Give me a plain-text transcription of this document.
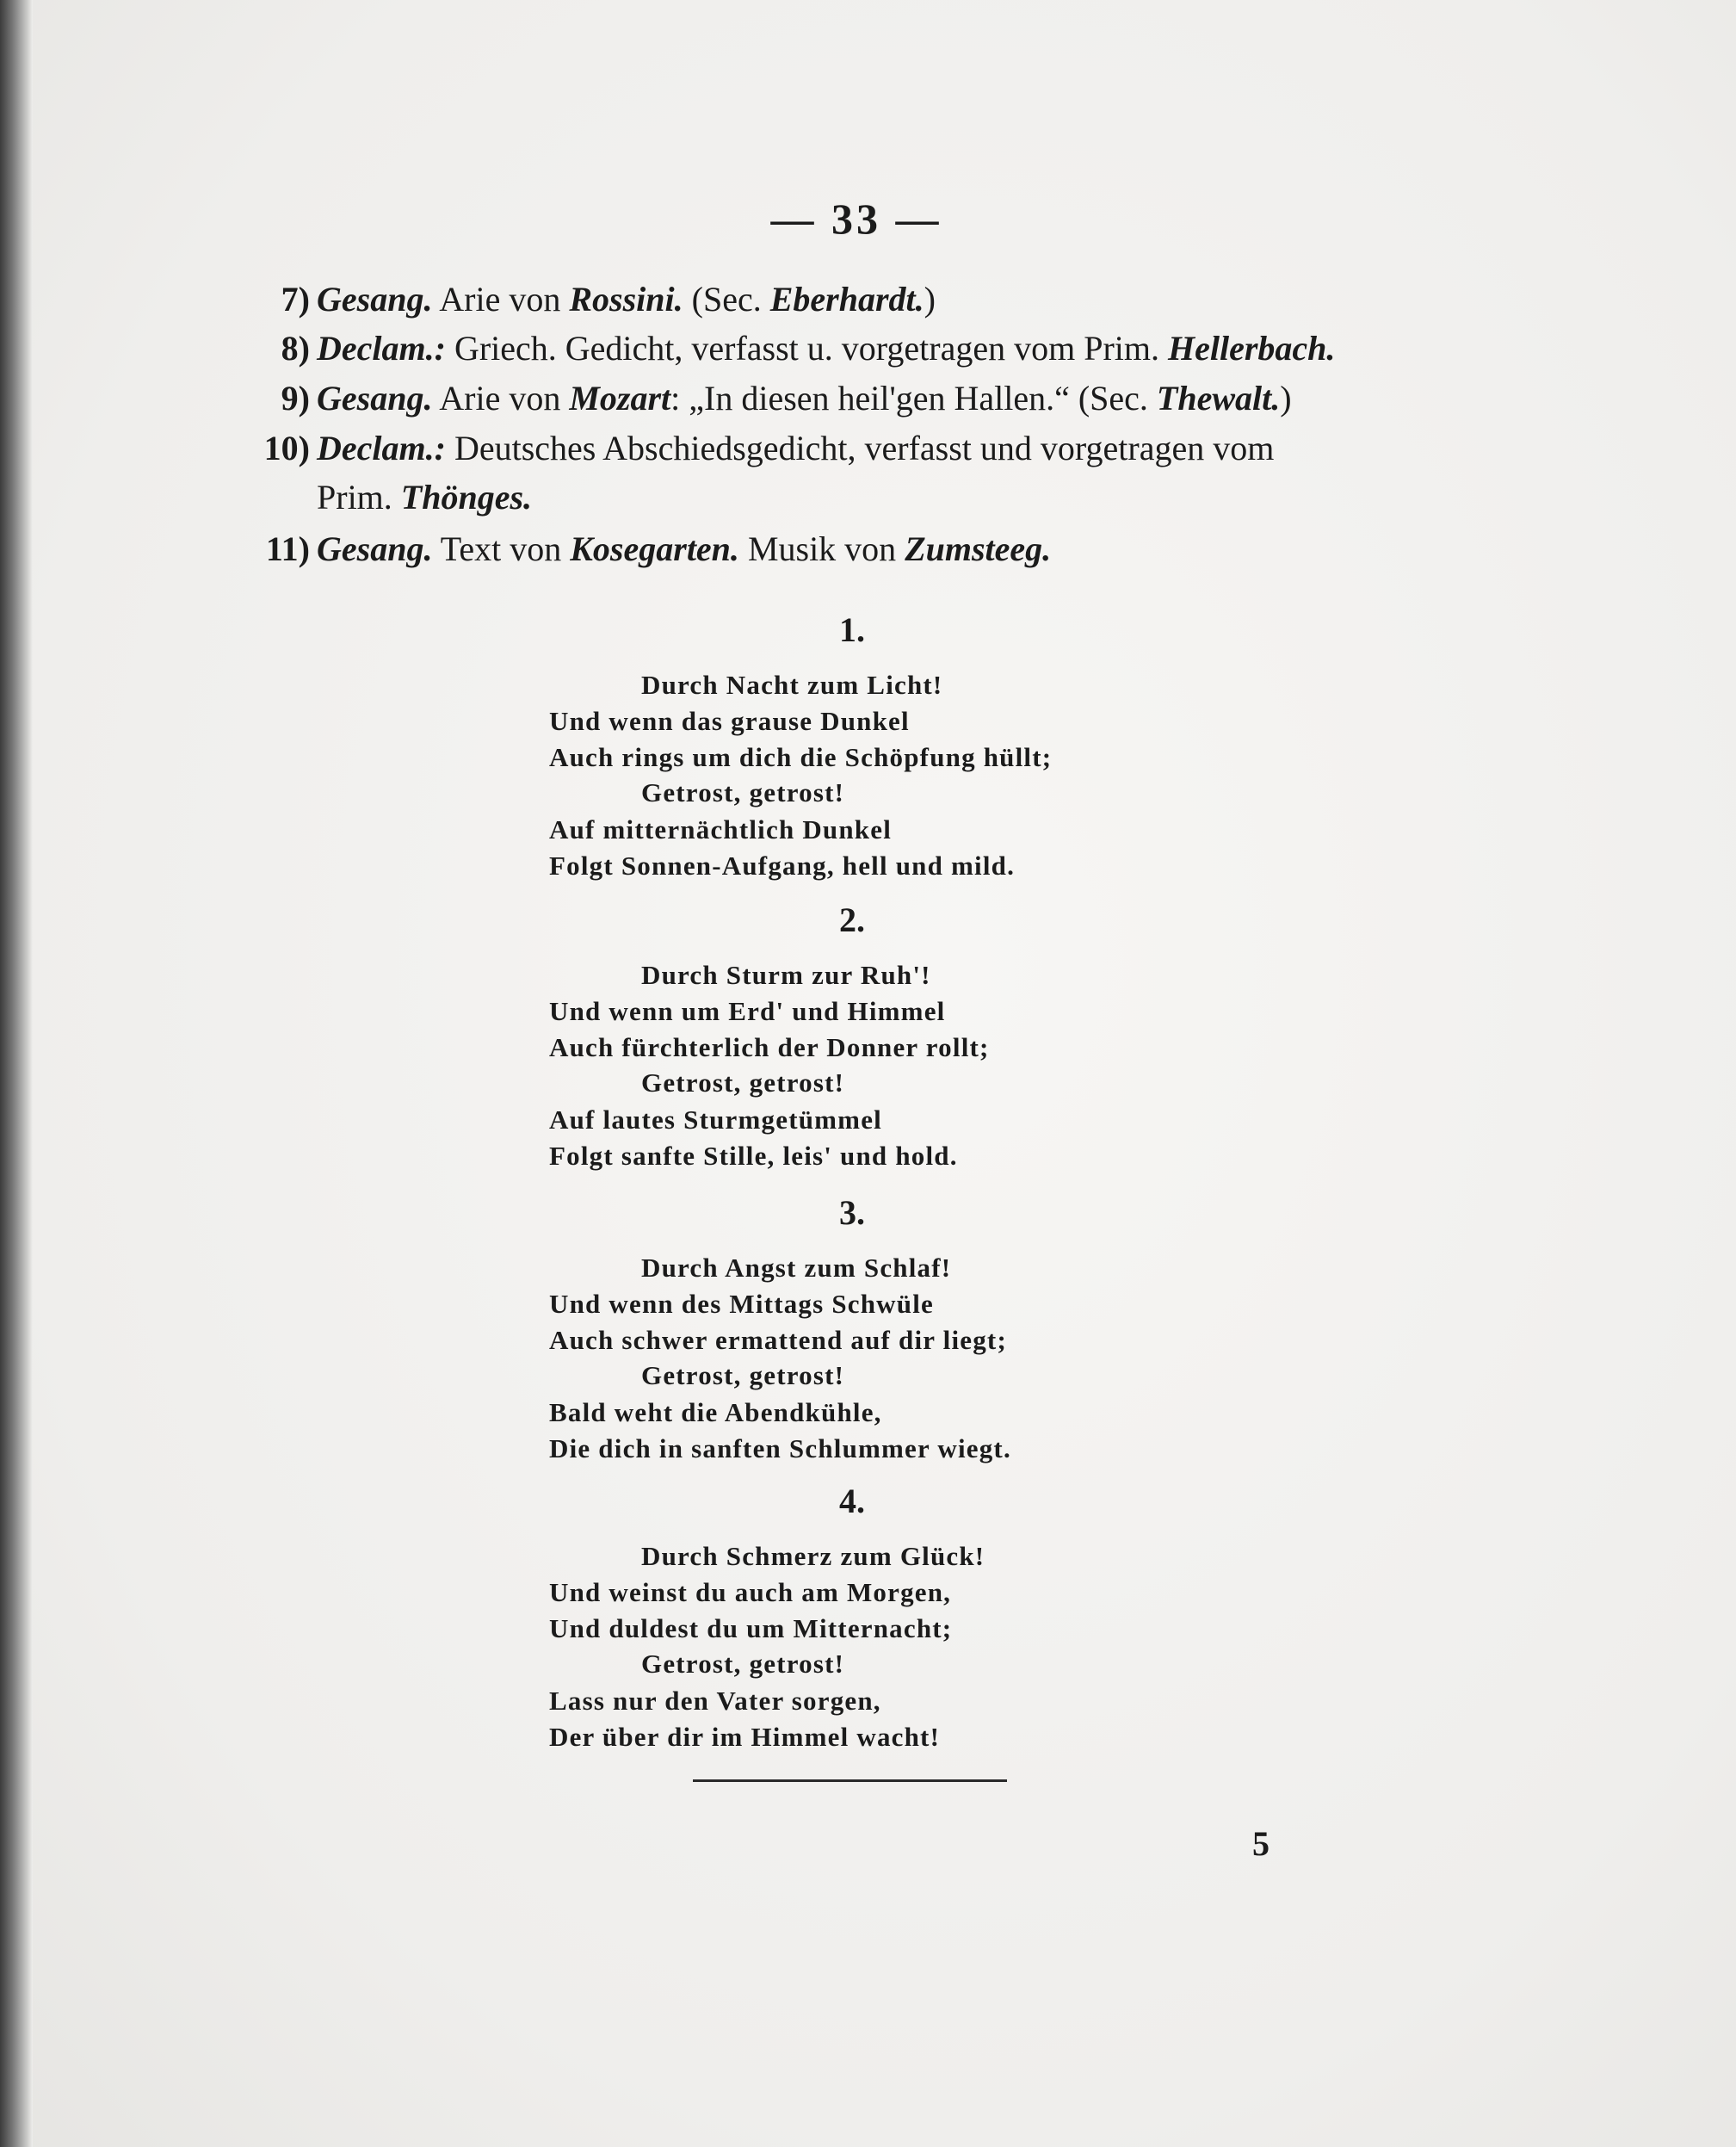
— 33 —
7) Gesang. Arie von Rossini. (Sec. Eberhardt.)
8) Declam.: Griech. Gedicht, verfasst u. vorgetragen vom Prim. Hellerbach.
9) Gesang. Arie von Mozart: „In diesen heil'gen Hallen.“ (Sec. Thewalt.)
10) Declam.: Deutsches Abschiedsgedicht, verfasst und vorgetragen vom
Prim. Thönges.
11) Gesang. Text von Kosegarten. Musik von Zumsteeg.
1.
Durch Nacht zum Licht!
Und wenn das grause Dunkel
Auch rings um dich die Schöpfung hüllt;
Getrost, getrost!
Auf mitternächtlich Dunkel
Folgt Sonnen-Aufgang, hell und mild.
2.
Durch Sturm zur Ruh'!
Und wenn um Erd' und Himmel
Auch fürchterlich der Donner rollt;
Getrost, getrost!
Auf lautes Sturmgetümmel
Folgt sanfte Stille, leis' und hold.
3.
Durch Angst zum Schlaf!
Und wenn des Mittags Schwüle
Auch schwer ermattend auf dir liegt;
Getrost, getrost!
Bald weht die Abendkühle,
Die dich in sanften Schlummer wiegt.
4.
Durch Schmerz zum Glück!
Und weinst du auch am Morgen,
Und duldest du um Mitternacht;
Getrost, getrost!
Lass nur den Vater sorgen,
Der über dir im Himmel wacht!
5
